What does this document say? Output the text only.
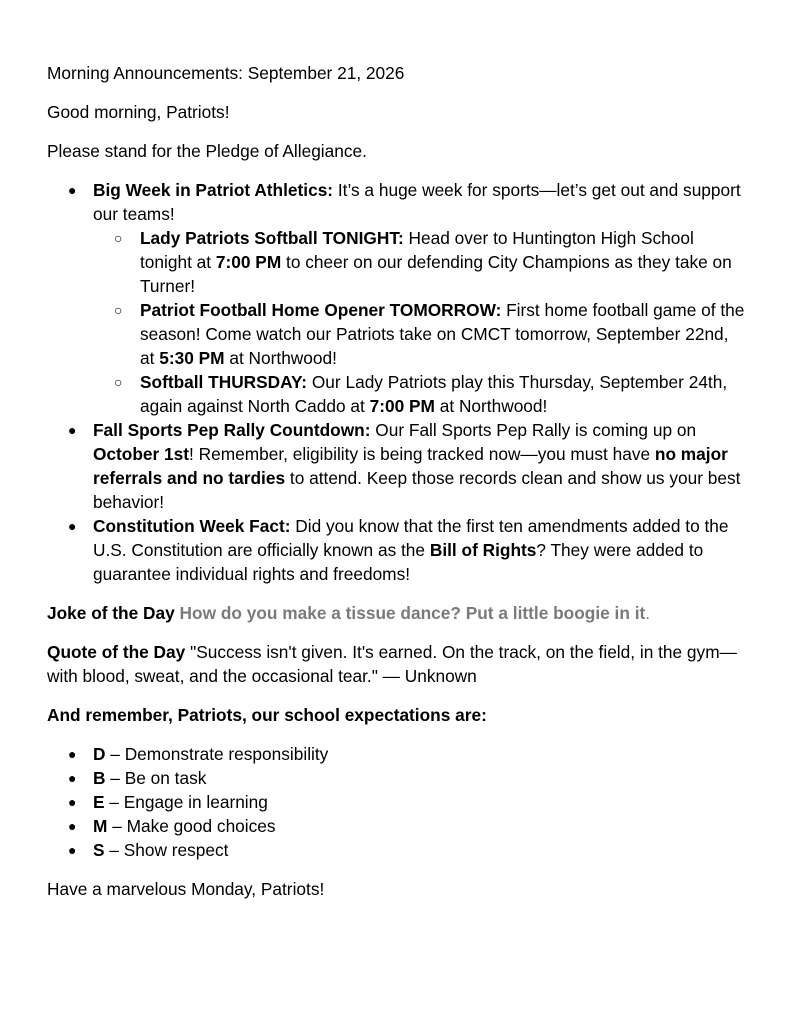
Morning Announcements: September 21, 2026

Good morning, Patriots!

Please stand for the Pledge of Allegiance.

● Big Week in Patriot Athletics: It’s a huge week for sports—let’s get out and support our teams!
○ Lady Patriots Softball TONIGHT: Head over to Huntington High School tonight at 7:00 PM to cheer on our defending City Champions as they take on Turner!
○ Patriot Football Home Opener TOMORROW: First home football game of the season! Come watch our Patriots take on CMCT tomorrow, September 22nd, at 5:30 PM at Northwood!
○ Softball THURSDAY: Our Lady Patriots play this Thursday, September 24th, again against North Caddo at 7:00 PM at Northwood!
● Fall Sports Pep Rally Countdown: Our Fall Sports Pep Rally is coming up on October 1st! Remember, eligibility is being tracked now—you must have no major referrals and no tardies to attend. Keep those records clean and show us your best behavior!
● Constitution Week Fact: Did you know that the first ten amendments added to the U.S. Constitution are officially known as the Bill of Rights? They were added to guarantee individual rights and freedoms!

Joke of the Day How do you make a tissue dance? Put a little boogie in it.

Quote of the Day "Success isn't given. It's earned. On the track, on the field, in the gym—with blood, sweat, and the occasional tear." — Unknown

And remember, Patriots, our school expectations are:

● D – Demonstrate responsibility
● B – Be on task
● E – Engage in learning
● M – Make good choices
● S – Show respect

Have a marvelous Monday, Patriots!
